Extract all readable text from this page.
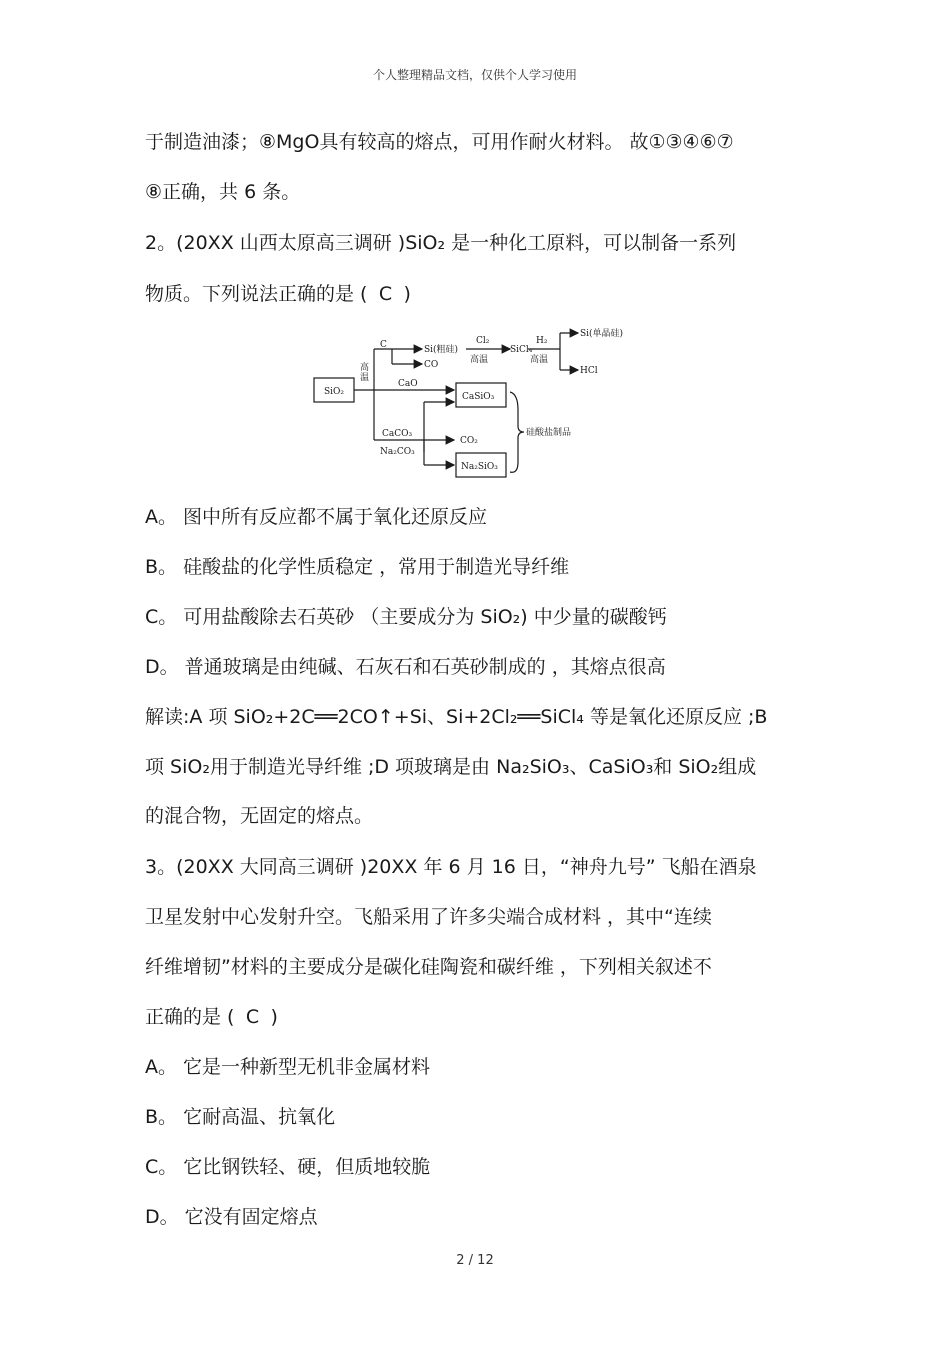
个人整理精品文档，仅供个人学习使用
于制造油漆；⑧MgO具有较高的熔点，可用作耐火材料。 故①③④⑥⑦
⑧正确，共 6 条。
2。(20XX 山西太原高三调研 )SiO₂ 是一种化工原料，可以制备一系列
物质。下列说法正确的是 ( C )
SiO₂
C
高
温
Si(粗硅)
CO
Cl₂
高温
SiCl₄
H₂
高温
Si(单晶硅)
HCl
CaO
CaSiO₃
CaCO₃
Na₂CO₃
CO₂
Na₂SiO₃
硅酸盐制品
A。 图中所有反应都不属于氧化还原反应
B。 硅酸盐的化学性质稳定 ，常用于制造光导纤维
C。 可用盐酸除去石英砂 （主要成分为 SiO₂) 中少量的碳酸钙
D。 普通玻璃是由纯碱、石灰石和石英砂制成的 ，其熔点很高
解读:A 项 SiO₂+2C══2CO↑+Si、Si+2Cl₂══SiCl₄ 等是氧化还原反应 ;B
项 SiO₂用于制造光导纤维 ;D 项玻璃是由 Na₂SiO₃、CaSiO₃和 SiO₂组成
的混合物，无固定的熔点。
3。(20XX 大同高三调研 )20XX 年 6 月 16 日，“神舟九号” 飞船在酒泉
卫星发射中心发射升空。飞船采用了许多尖端合成材料 ，其中“连续
纤维增韧”材料的主要成分是碳化硅陶瓷和碳纤维 ，下列相关叙述不
正确的是 ( C )
A。 它是一种新型无机非金属材料
B。 它耐高温、抗氧化
C。 它比钢铁轻、硬，但质地较脆
D。 它没有固定熔点
2 / 12
